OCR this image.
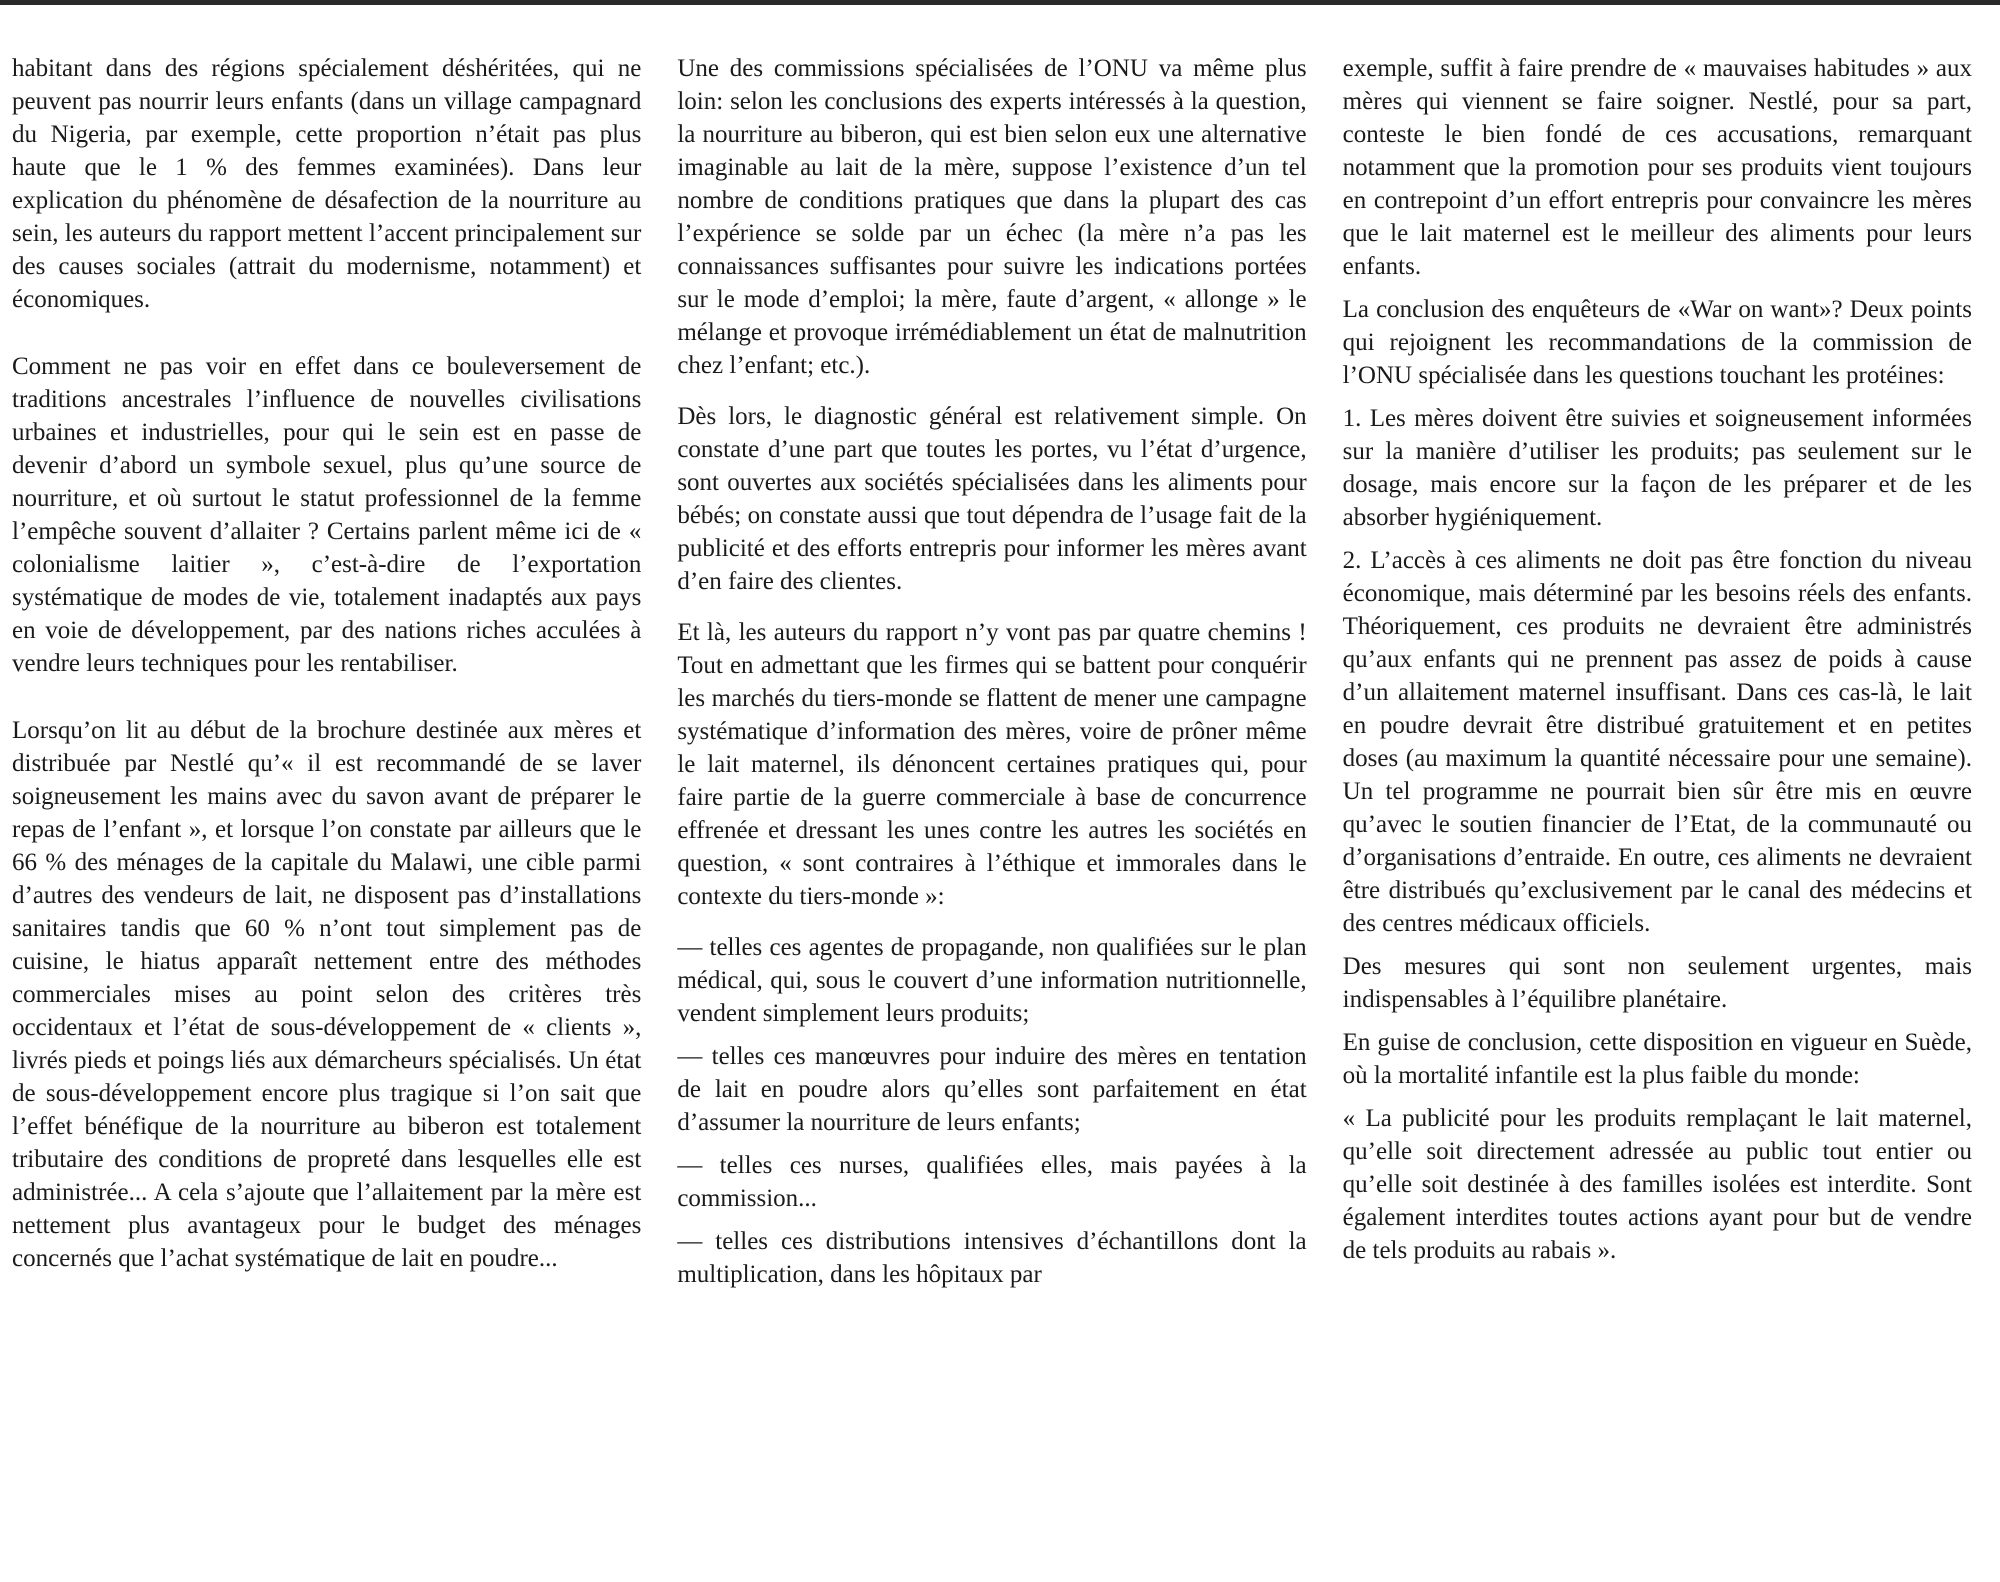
habitant dans des régions spécialement déshéritées, qui ne peuvent pas nourrir leurs enfants (dans un village campagnard du Nigeria, par exemple, cette proportion n’était pas plus haute que le 1 % des femmes examinées). Dans leur explication du phénomène de désafection de la nourriture au sein, les auteurs du rapport mettent l’accent principalement sur des causes sociales (attrait du modernisme, notamment) et économiques.

Comment ne pas voir en effet dans ce bouleversement de traditions ancestrales l’influence de nouvelles civilisations urbaines et industrielles, pour qui le sein est en passe de devenir d’abord un symbole sexuel, plus qu’une source de nourriture, et où surtout le statut professionnel de la femme l’empêche souvent d’allaiter ? Certains parlent même ici de « colonialisme laitier », c’est-à-dire de l’exportation systématique de modes de vie, totalement inadaptés aux pays en voie de développement, par des nations riches acculées à vendre leurs techniques pour les rentabiliser.

Lorsqu’on lit au début de la brochure destinée aux mères et distribuée par Nestlé qu’« il est recommandé de se laver soigneusement les mains avec du savon avant de préparer le repas de l’enfant », et lorsque l’on constate par ailleurs que le 66 % des ménages de la capitale du Malawi, une cible parmi d’autres des vendeurs de lait, ne disposent pas d’installations sanitaires tandis que 60 % n’ont tout simplement pas de cuisine, le hiatus apparaît nettement entre des méthodes commerciales mises au point selon des critères très occidentaux et l’état de sous-développement de « clients », livrés pieds et poings liés aux démarcheurs spécialisés. Un état de sous-développement encore plus tragique si l’on sait que l’effet bénéfique de la nourriture au biberon est totalement tributaire des conditions de propreté dans lesquelles elle est administrée... A cela s’ajoute que l’allaitement par la mère est nettement plus avantageux pour le budget des ménages concernés que l’achat systématique de lait en poudre...

Une des commissions spécialisées de l’ONU va même plus loin: selon les conclusions des experts intéressés à la question, la nourriture au biberon, qui est bien selon eux une alternative imaginable au lait de la mère, suppose l’existence d’un tel nombre de conditions pratiques que dans la plupart des cas l’expérience se solde par un échec (la mère n’a pas les connaissances suffisantes pour suivre les indications portées sur le mode d’emploi; la mère, faute d’argent, « allonge » le mélange et provoque irrémédiablement un état de malnutrition chez l’enfant; etc.).

Dès lors, le diagnostic général est relativement simple. On constate d’une part que toutes les portes, vu l’état d’urgence, sont ouvertes aux sociétés spécialisées dans les aliments pour bébés; on constate aussi que tout dépendra de l’usage fait de la publicité et des efforts entrepris pour informer les mères avant d’en faire des clientes.

Et là, les auteurs du rapport n’y vont pas par quatre chemins ! Tout en admettant que les firmes qui se battent pour conquérir les marchés du tiers-monde se flattent de mener une campagne systématique d’information des mères, voire de prôner même le lait maternel, ils dénoncent certaines pratiques qui, pour faire partie de la guerre commerciale à base de concurrence effrenée et dressant les unes contre les autres les sociétés en question, « sont contraires à l’éthique et immorales dans le contexte du tiers-monde »:

— telles ces agentes de propagande, non qualifiées sur le plan médical, qui, sous le couvert d’une information nutritionnelle, vendent simplement leurs produits;

— telles ces manœuvres pour induire des mères en tentation de lait en poudre alors qu’elles sont parfaitement en état d’assumer la nourriture de leurs enfants;

— telles ces nurses, qualifiées elles, mais payées à la commission...

— telles ces distributions intensives d’échantillons dont la multiplication, dans les hôpitaux par

exemple, suffit à faire prendre de « mauvaises habitudes » aux mères qui viennent se faire soigner. Nestlé, pour sa part, conteste le bien fondé de ces accusations, remarquant notamment que la promotion pour ses produits vient toujours en contrepoint d’un effort entrepris pour convaincre les mères que le lait maternel est le meilleur des aliments pour leurs enfants.

La conclusion des enquêteurs de «War on want»? Deux points qui rejoignent les recommandations de la commission de l’ONU spécialisée dans les questions touchant les protéines:

1. Les mères doivent être suivies et soigneusement informées sur la manière d’utiliser les produits; pas seulement sur le dosage, mais encore sur la façon de les préparer et de les absorber hygiéniquement.

2. L’accès à ces aliments ne doit pas être fonction du niveau économique, mais déterminé par les besoins réels des enfants. Théoriquement, ces produits ne devraient être administrés qu’aux enfants qui ne prennent pas assez de poids à cause d’un allaitement maternel insuffisant. Dans ces cas-là, le lait en poudre devrait être distribué gratuitement et en petites doses (au maximum la quantité nécessaire pour une semaine). Un tel programme ne pourrait bien sûr être mis en œuvre qu’avec le soutien financier de l’Etat, de la communauté ou d’organisations d’entraide. En outre, ces aliments ne devraient être distribués qu’exclusivement par le canal des médecins et des centres médicaux officiels.

Des mesures qui sont non seulement urgentes, mais indispensables à l’équilibre planétaire.

En guise de conclusion, cette disposition en vigueur en Suède, où la mortalité infantile est la plus faible du monde:

« La publicité pour les produits remplaçant le lait maternel, qu’elle soit directement adressée au public tout entier ou qu’elle soit destinée à des familles isolées est interdite. Sont également interdites toutes actions ayant pour but de vendre de tels produits au rabais ».
